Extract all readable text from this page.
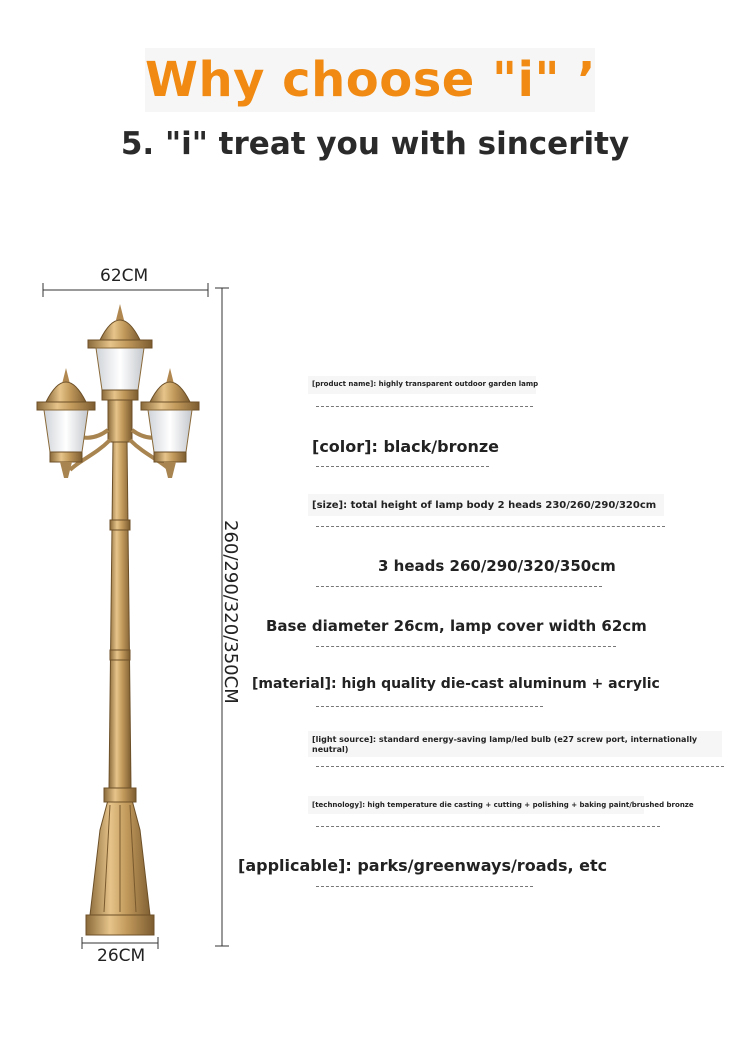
Why choose "i" ’
5. "i" treat you with sincerity
62CM
26CM
260/290/320/350CM
[product name]: highly transparent outdoor garden lamp
[color]: black/bronze
[size]: total height of lamp body 2 heads 230/260/290/320cm
3 heads 260/290/320/350cm
Base diameter 26cm, lamp cover width 62cm
[material]: high quality die-cast aluminum + acrylic
[light source]: standard energy-saving lamp/led bulb (e27 screw port, internationally neutral)
[technology]: high temperature die casting + cutting + polishing + baking paint/brushed bronze
[applicable]: parks/greenways/roads, etc
